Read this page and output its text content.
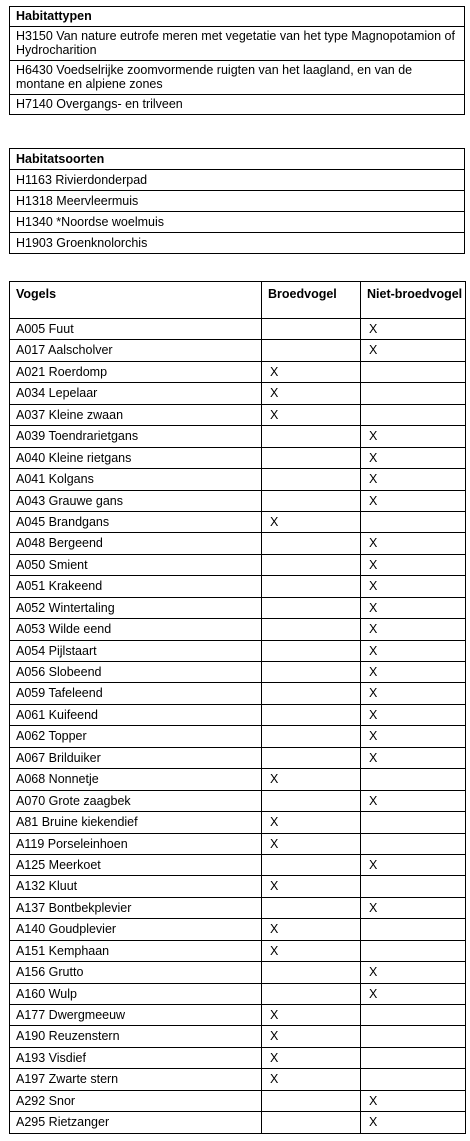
Habitattypen
H3150 Van nature eutrofe meren met vegetatie van het type Magnopotamion of Hydrocharition
H6430 Voedselrijke zoomvormende ruigten van het laagland, en van de montane en alpiene zones
H7140 Overgangs- en trilveen
Habitatsoorten
H1163 Rivierdonderpad
H1318 Meervleermuis
H1340 *Noordse woelmuis
H1903 Groenknolorchis
Vogels	Broedvogel	Niet-broedvogel
A005 Fuut		X
A017 Aalscholver		X
A021 Roerdomp	X	
A034 Lepelaar	X	
A037 Kleine zwaan	X	
A039 Toendrarietgans		X
A040 Kleine rietgans		X
A041 Kolgans		X
A043 Grauwe gans		X
A045 Brandgans	X	
A048 Bergeend		X
A050 Smient		X
A051 Krakeend		X
A052 Wintertaling		X
A053 Wilde eend		X
A054 Pijlstaart		X
A056 Slobeend		X
A059 Tafeleend		X
A061 Kuifeend		X
A062 Topper		X
A067 Brilduiker		X
A068 Nonnetje	X	
A070 Grote zaagbek		X
A81 Bruine kiekendief	X	
A119 Porseleinhoen	X	
A125 Meerkoet		X
A132 Kluut	X	
A137 Bontbekplevier		X
A140 Goudplevier	X	
A151 Kemphaan	X	
A156 Grutto		X
A160 Wulp		X
A177 Dwergmeeuw	X	
A190 Reuzenstern	X	
A193 Visdief	X	
A197 Zwarte stern	X	
A292 Snor		X
A295 Rietzanger		X
